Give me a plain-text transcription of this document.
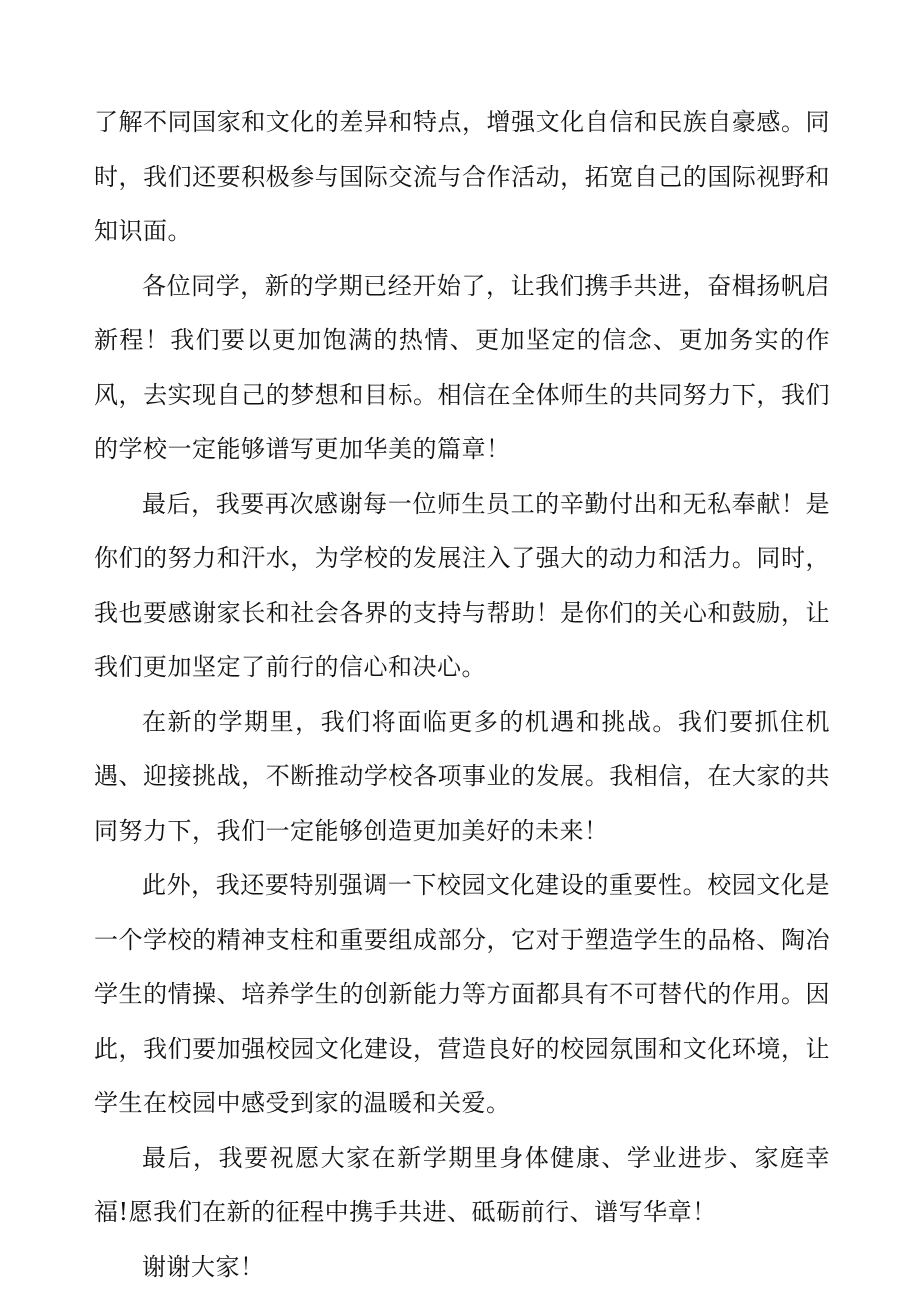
了解不同国家和文化的差异和特点，增强文化自信和民族自豪感。同时，我们还要积极参与国际交流与合作活动，拓宽自己的国际视野和知识面。

各位同学，新的学期已经开始了，让我们携手共进，奋楫扬帆启新程！我们要以更加饱满的热情、更加坚定的信念、更加务实的作风，去实现自己的梦想和目标。相信在全体师生的共同努力下，我们的学校一定能够谱写更加华美的篇章！

最后，我要再次感谢每一位师生员工的辛勤付出和无私奉献！是你们的努力和汗水，为学校的发展注入了强大的动力和活力。同时，我也要感谢家长和社会各界的支持与帮助！是你们的关心和鼓励，让我们更加坚定了前行的信心和决心。

在新的学期里，我们将面临更多的机遇和挑战。我们要抓住机遇、迎接挑战，不断推动学校各项事业的发展。我相信，在大家的共同努力下，我们一定能够创造更加美好的未来！

此外，我还要特别强调一下校园文化建设的重要性。校园文化是一个学校的精神支柱和重要组成部分，它对于塑造学生的品格、陶冶学生的情操、培养学生的创新能力等方面都具有不可替代的作用。因此，我们要加强校园文化建设，营造良好的校园氛围和文化环境，让学生在校园中感受到家的温暖和关爱。

最后，我要祝愿大家在新学期里身体健康、学业进步、家庭幸福!愿我们在新的征程中携手共进、砥砺前行、谱写华章！

谢谢大家！
